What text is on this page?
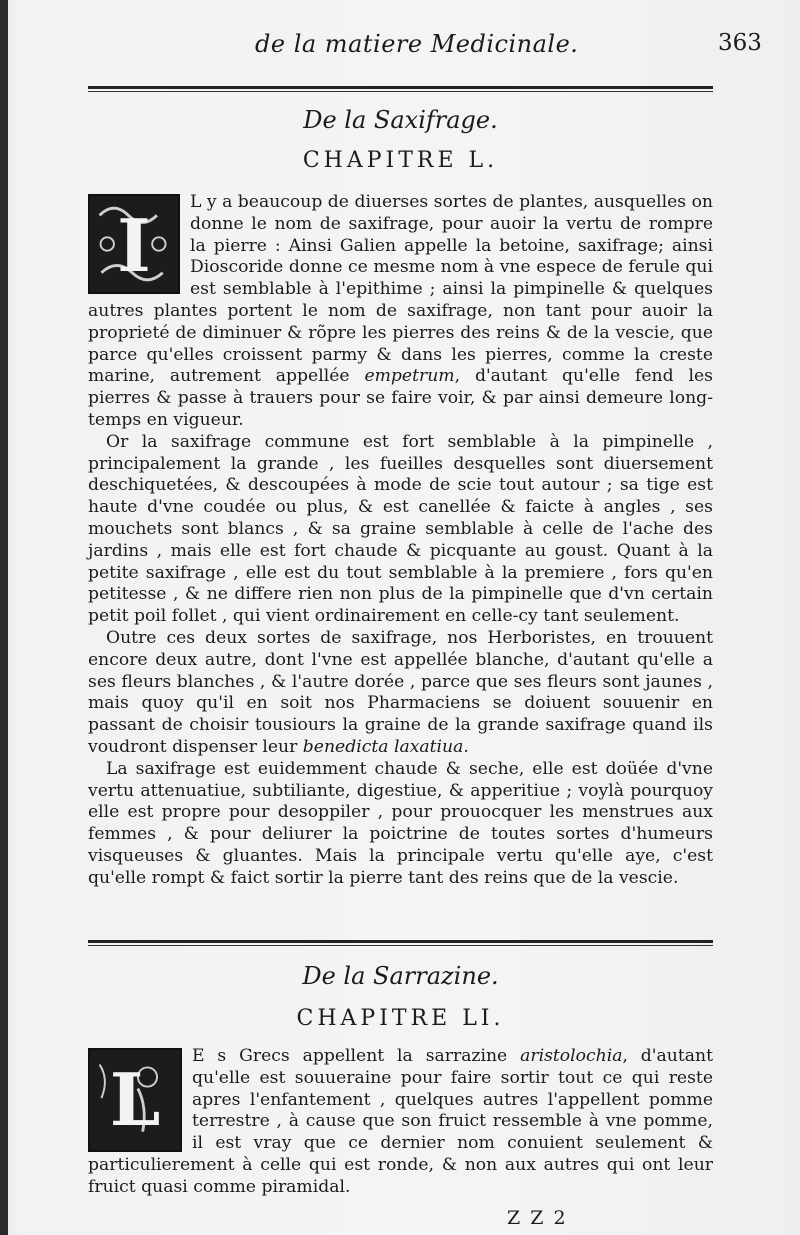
de la matiere Medicinale.	363
De la Saxifrage.
CHAPITRE L.
I

L y a beaucoup de diuerses sortes de plantes, ausquelles on donne le nom de saxifrage, pour auoir la vertu de rompre la pierre : Ainsi Galien appelle la betoine, saxifrage; ainsi Dioscoride donne ce mesme nom à vne espece de ferule qui est semblable à l'epithime ; ainsi la pimpinelle & quelques autres plantes portent le nom de saxifrage, non tant pour auoir la proprieté de diminuer & rõpre les pierres des reins & de la vescie, que parce qu'elles croissent parmy & dans les pierres, comme la creste marine, autrement appellée empetrum, d'autant qu'elle fend les pierres & passe à trauers pour se faire voir, & par ainsi demeure long-temps en vigueur.

Or la saxifrage commune est fort semblable à la pimpinelle , principalement la grande , les fueilles desquelles sont diuersement deschiquetées, & descoupées à mode de scie tout autour ; sa tige est haute d'vne coudée ou plus, & est canellée & faicte à angles , ses mouchets sont blancs , & sa graine semblable à celle de l'ache des jardins , mais elle est fort chaude & picquante au goust. Quant à la petite saxifrage , elle est du tout semblable à la premiere , fors qu'en petitesse , & ne differe rien non plus de la pimpinelle que d'vn certain petit poil follet , qui vient ordinairement en celle-cy tant seulement.

Outre ces deux sortes de saxifrage, nos Herboristes, en trouuent encore deux autre, dont l'vne est appellée blanche, d'autant qu'elle a ses fleurs blanches , & l'autre dorée , parce que ses fleurs sont jaunes , mais quoy qu'il en soit nos Pharmaciens se doiuent souuenir en passant de choisir tousiours la graine de la grande saxifrage quand ils voudront dispenser leur benedicta laxatiua.

La saxifrage est euidemment chaude & seche, elle est doüée d'vne vertu attenuatiue, subtiliante, digestiue, & apperitiue ; voylà pourquoy elle est propre pour desoppiler , pour prouocquer les menstrues aux femmes , & pour deliurer la poictrine de toutes sortes d'humeurs visqueuses & gluantes. Mais la principale vertu qu'elle aye, c'est qu'elle rompt & faict sortir la pierre tant des reins que de la vescie.

De la Sarrazine.
CHAPITRE LI.
L

E s Grecs appellent la sarrazine aristolochia, d'autant qu'elle est souueraine pour faire sortir tout ce qui reste apres l'enfantement , quelques autres l'appellent pomme terrestre , à cause que son fruict ressemble à vne pomme, il est vray que ce dernier nom conuient seulement & particulierement à celle qui est ronde, & non aux autres qui ont leur fruict quasi comme piramidal.

Z Z 2
